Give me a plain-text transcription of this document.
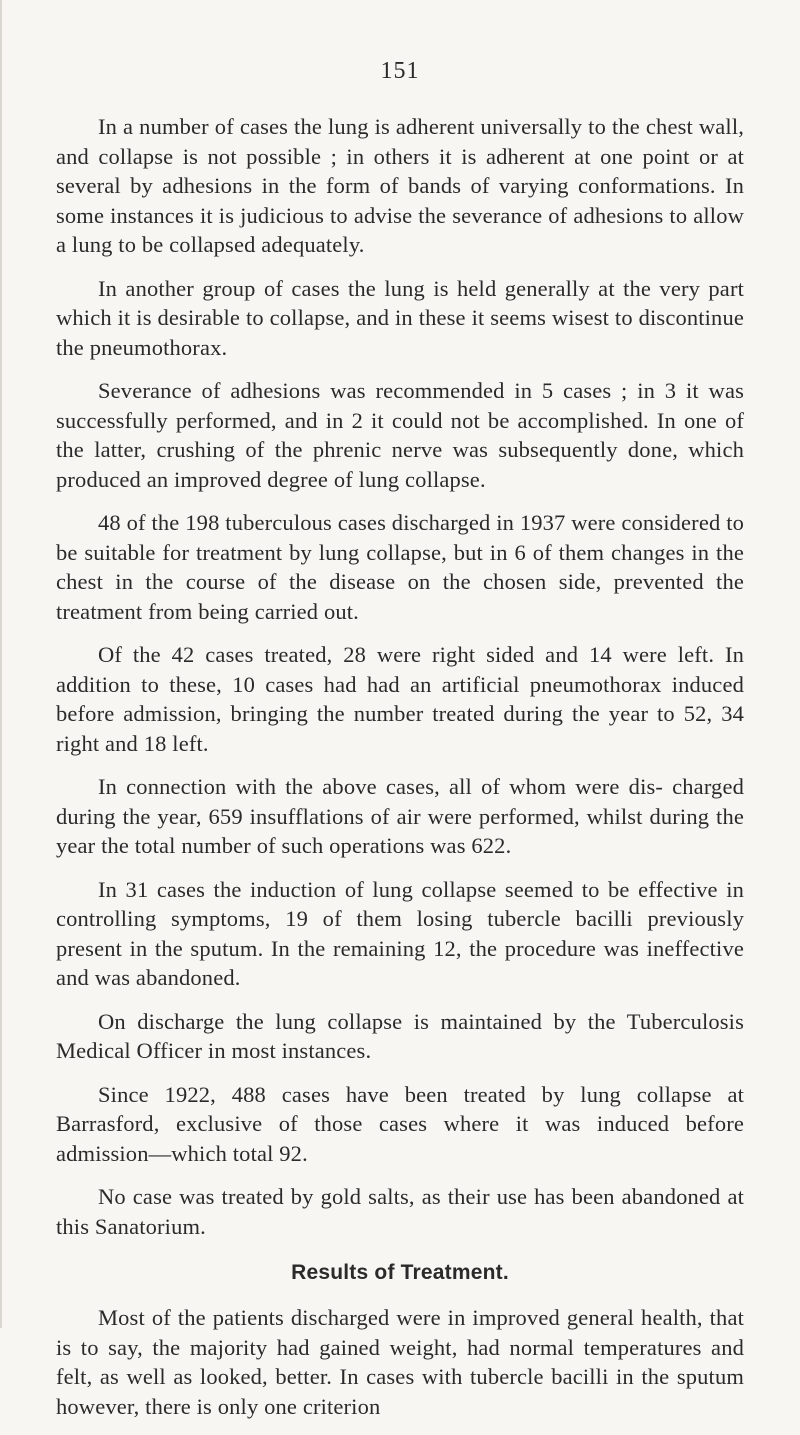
151

In a number of cases the lung is adherent universally to the chest wall, and collapse is not possible ; in others it is adherent at one point or at several by adhesions in the form of bands of varying conformations. In some instances it is judicious to advise the severance of adhesions to allow a lung to be collapsed adequately.

In another group of cases the lung is held generally at the very part which it is desirable to collapse, and in these it seems wisest to discontinue the pneumothorax.

Severance of adhesions was recommended in 5 cases ; in 3 it was successfully performed, and in 2 it could not be accomplished. In one of the latter, crushing of the phrenic nerve was subsequently done, which produced an improved degree of lung collapse.

48 of the 198 tuberculous cases discharged in 1937 were considered to be suitable for treatment by lung collapse, but in 6 of them changes in the chest in the course of the disease on the chosen side, prevented the treatment from being carried out.

Of the 42 cases treated, 28 were right sided and 14 were left. In addition to these, 10 cases had had an artificial pneumothorax induced before admission, bringing the number treated during the year to 52, 34 right and 18 left.

In connection with the above cases, all of whom were dis- charged during the year, 659 insufflations of air were performed, whilst during the year the total number of such operations was 622.

In 31 cases the induction of lung collapse seemed to be effective in controlling symptoms, 19 of them losing tubercle bacilli previously present in the sputum. In the remaining 12, the procedure was ineffective and was abandoned.

On discharge the lung collapse is maintained by the Tuberculosis Medical Officer in most instances.

Since 1922, 488 cases have been treated by lung collapse at Barrasford, exclusive of those cases where it was induced before admission—which total 92.

No case was treated by gold salts, as their use has been abandoned at this Sanatorium.

Results of Treatment.

Most of the patients discharged were in improved general health, that is to say, the majority had gained weight, had normal temperatures and felt, as well as looked, better. In cases with tubercle bacilli in the sputum however, there is only one criterion
